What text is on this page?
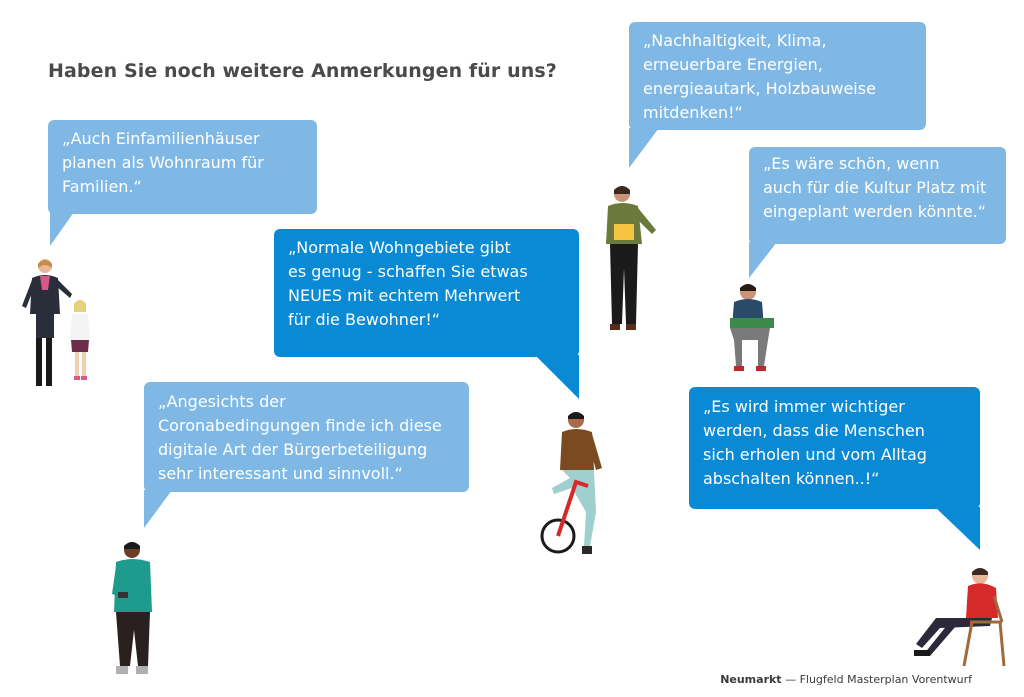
Haben Sie noch weitere Anmerkungen für uns?
„Auch Einfamilienhäuser
planen als Wohnraum für
Familien.“
„Normale Wohngebiete gibt
es genug - schaffen Sie etwas
NEUES mit echtem Mehrwert
für die Bewohner!“
„Angesichts der
Coronabedingungen finde ich diese
digitale Art der Bürgerbeteiligung
sehr interessant und sinnvoll.“
„Nachhaltigkeit, Klima,
erneuerbare Energien,
energieautark, Holzbauweise
mitdenken!“
„Es wäre schön, wenn
auch für die Kultur Platz mit
eingeplant werden könnte.“
„Es wird immer wichtiger
werden, dass die Menschen
sich erholen und vom Alltag
abschalten können..!“
Neumarkt — Flugfeld Masterplan Vorentwurf
